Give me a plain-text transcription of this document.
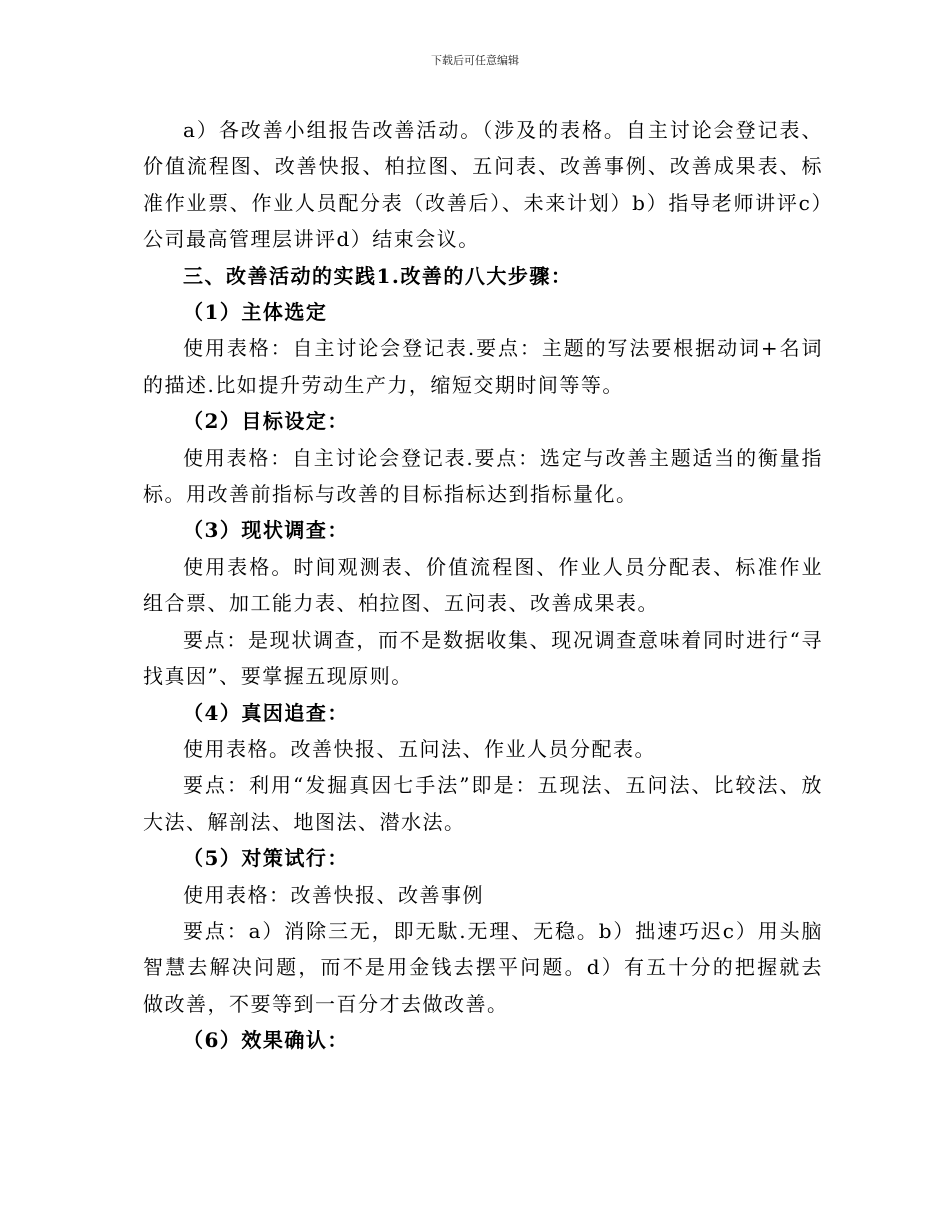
下载后可任意编辑

a）各改善小组报告改善活动。（涉及的表格。自主讨论会登记表、价值流程图、改善快报、柏拉图、五问表、改善事例、改善成果表、标准作业票、作业人员配分表（改善后）、未来计划）b）指导老师讲评c）公司最高管理层讲评d）结束会议。

三、改善活动的实践1.改善的八大步骤：

（1）主体选定

使用表格：自主讨论会登记表.要点：主题的写法要根据动词+名词的描述.比如提升劳动生产力，缩短交期时间等等。

（2）目标设定：

使用表格：自主讨论会登记表.要点：选定与改善主题适当的衡量指标。用改善前指标与改善的目标指标达到指标量化。

（3）现状调查：

使用表格。时间观测表、价值流程图、作业人员分配表、标准作业组合票、加工能力表、柏拉图、五问表、改善成果表。

要点：是现状调查，而不是数据收集、现况调查意味着同时进行“寻找真因”、要掌握五现原则。

（4）真因追查：

使用表格。改善快报、五问法、作业人员分配表。

要点：利用“发掘真因七手法”即是：五现法、五问法、比较法、放大法、解剖法、地图法、潜水法。

（5）对策试行：

使用表格：改善快报、改善事例

要点：a）消除三无，即无駄.无理、无稳。b）拙速巧迟c）用头脑智慧去解决问题，而不是用金钱去摆平问题。d）有五十分的把握就去做改善，不要等到一百分才去做改善。

（6）效果确认：
